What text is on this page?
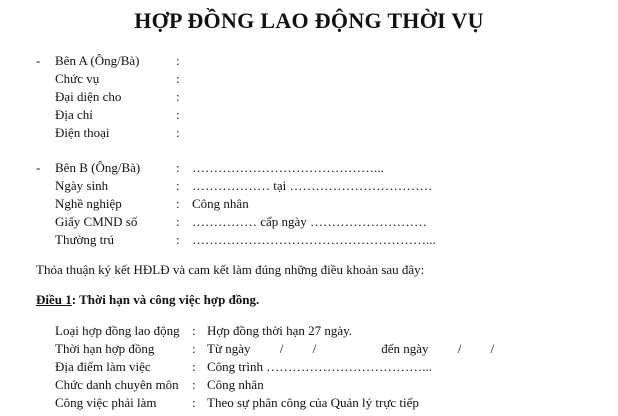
HỢP ĐỒNG LAO ĐỘNG THỜI VỤ
- Bên A (Ông/Bà)	:
Chức vụ	:
Đại diện cho	:
Địa chỉ	:
Điện thoại	:
- Bên B (Ông/Bà)	: ……………………………………...
Ngày sinh	: ……………… tại ……………………………
Nghề nghiệp	: Công nhân
Giấy CMND số	: …………… cấp ngày ………………………
Thường trú	: ………………………………………………...
Thỏa thuận ký kết HĐLĐ và cam kết làm đúng những điều khoản sau đây:
Điều 1: Thời hạn và công việc hợp đồng.
Loại hợp đồng lao động : Hợp đồng thời hạn 27 ngày.
Thời hạn hợp đồng	: Từ ngày         /         /                    đến ngày         /         /
Địa điểm làm việc	: Công trình ………………………………...
Chức danh chuyên môn : Công nhân
Công việc phải làm	: Theo sự phân công của Quản lý trực tiếp
